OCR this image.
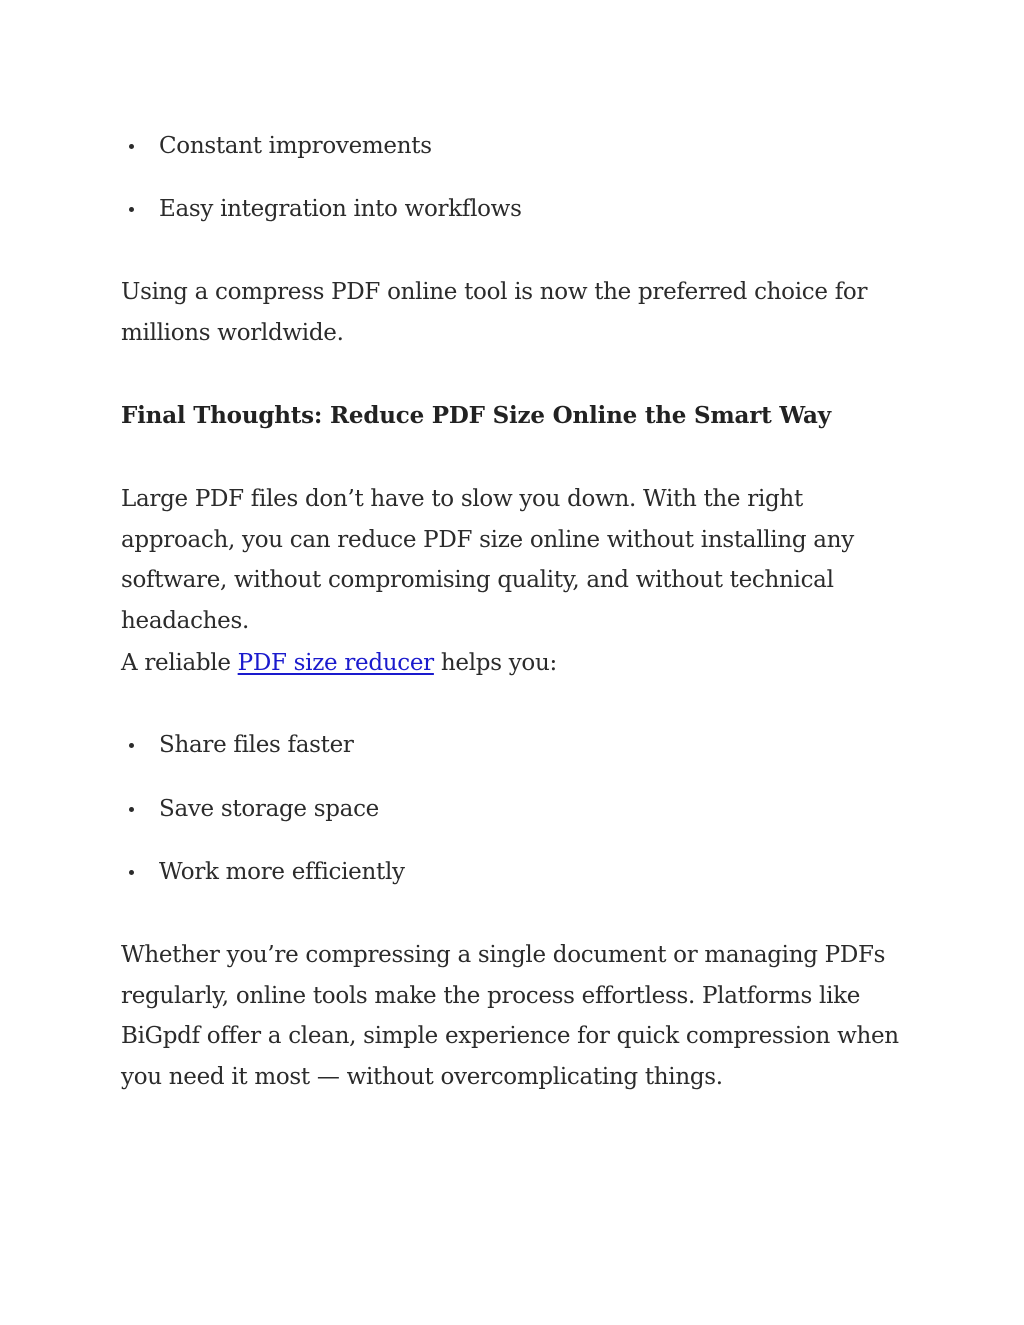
Constant improvements
Easy integration into workflows

Using a compress PDF online tool is now the preferred choice for millions worldwide.

Final Thoughts: Reduce PDF Size Online the Smart Way

Large PDF files don’t have to slow you down. With the right approach, you can reduce PDF size online without installing any software, without compromising quality, and without technical headaches.

A reliable PDF size reducer helps you:

Share files faster
Save storage space
Work more efficiently

Whether you’re compressing a single document or managing PDFs regularly, online tools make the process effortless. Platforms like BiGpdf offer a clean, simple experience for quick compression when you need it most — without overcomplicating things.
